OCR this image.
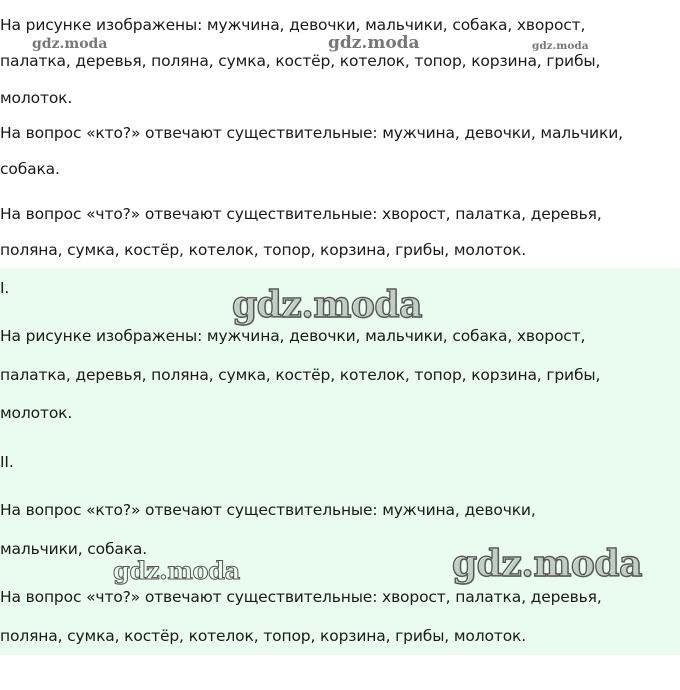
На рисунке изображены: мужчина, девочки, мальчики, собака, хворост,

палатка, деревья, поляна, сумка, костёр, котелок, топор, корзина, грибы,

молоток.

На вопрос «кто?» отвечают существительные: мужчина, девочки, мальчики,

собака.

На вопрос «что?» отвечают существительные: хворост, палатка, деревья,

поляна, сумка, костёр, котелок, топор, корзина, грибы, молоток.

I.

На рисунке изображены: мужчина, девочки, мальчики, собака, хворост,

палатка, деревья, поляна, сумка, костёр, котелок, топор, корзина, грибы,

молоток.

II.

На вопрос «кто?» отвечают существительные: мужчина, девочки,

мальчики, собака.

На вопрос «что?» отвечают существительные: хворост, палатка, деревья,

поляна, сумка, костёр, котелок, топор, корзина, грибы, молоток.

gdz.moda	gdz.moda	gdz.moda
